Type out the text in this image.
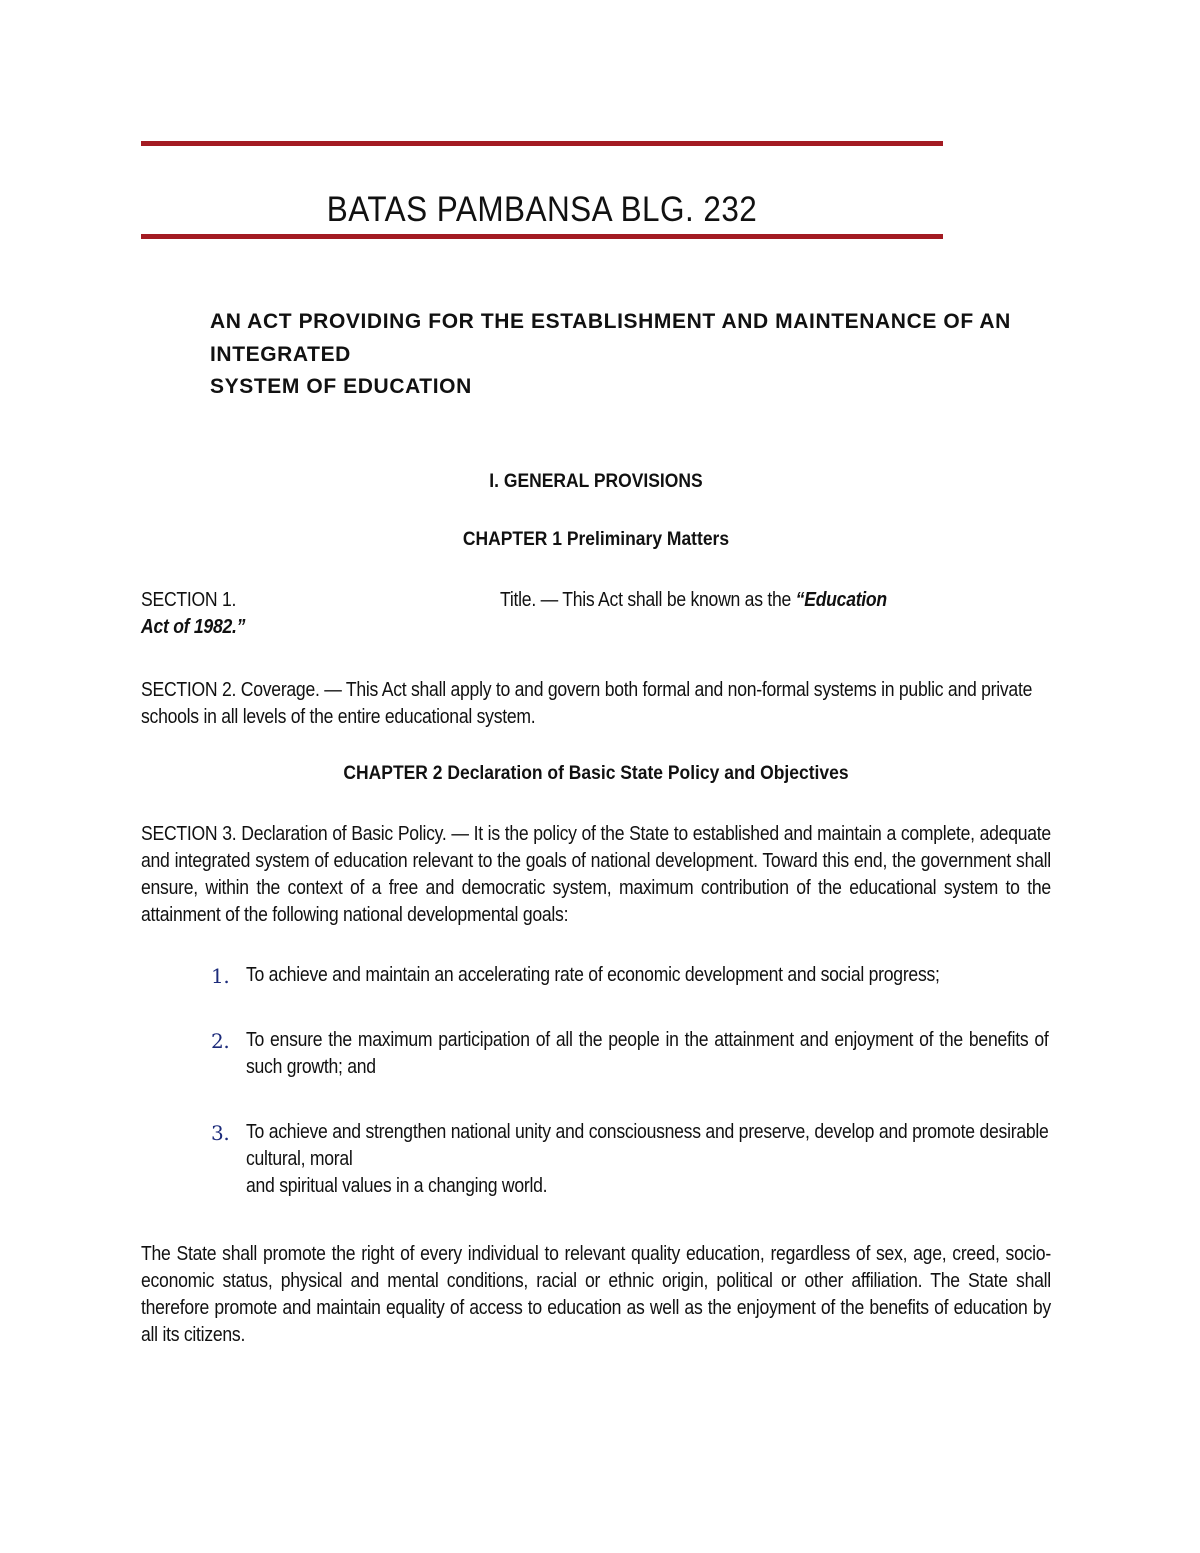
BATAS PAMBANSA BLG. 232
AN ACT PROVIDING FOR THE ESTABLISHMENT AND MAINTENANCE OF AN
INTEGRATED
SYSTEM OF EDUCATION
I. GENERAL PROVISIONS
CHAPTER 1 Preliminary Matters
SECTION 1.	Title. — This Act shall be known as the “Education
Act of 1982.”
SECTION 2. Coverage. — This Act shall apply to and govern both formal and non-formal systems in public and private schools in all levels of the entire educational system.
CHAPTER 2 Declaration of Basic State Policy and Objectives
SECTION 3. Declaration of Basic Policy. — It is the policy of the State to established and maintain a complete, adequate and integrated system of education relevant to the goals of national development. Toward this end, the government shall ensure, within the context of a free and democratic system, maximum contribution of the educational system to the attainment of the following national developmental goals:
1. To achieve and maintain an accelerating rate of economic development and social progress;
2. To ensure the maximum participation of all the people in the attainment and enjoyment of the benefits of such growth; and
3. To achieve and strengthen national unity and consciousness and preserve, develop and promote desirable cultural, moral
and spiritual values in a changing world.
The State shall promote the right of every individual to relevant quality education, regardless of sex, age, creed, socio-economic status, physical and mental conditions, racial or ethnic origin, political or other affiliation. The State shall therefore promote and maintain equality of access to education as well as the enjoyment of the benefits of education by all its citizens.
